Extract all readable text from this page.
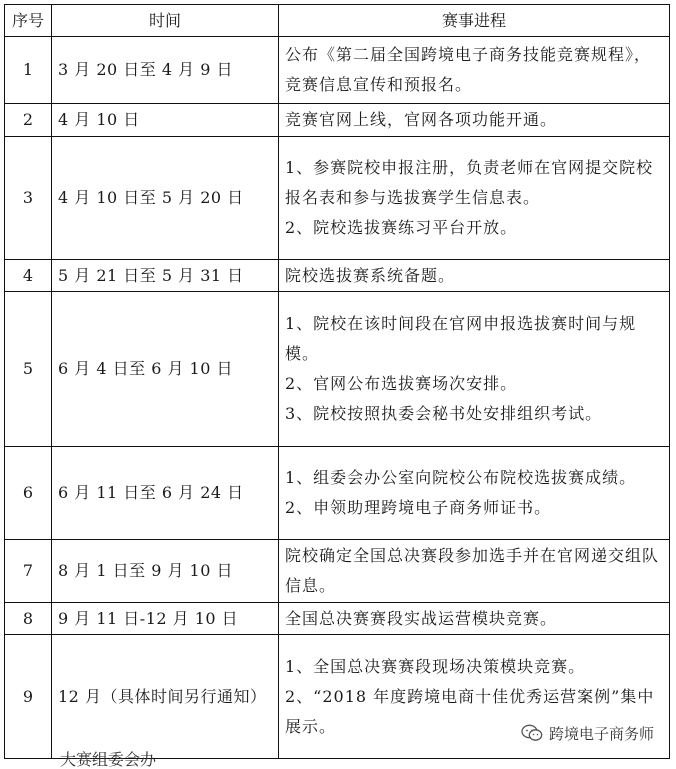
序号	时间	赛事进程
1	3 月 20 日至 4 月 9 日	公布《第二届全国跨境电子商务技能竞赛规程》，竞赛信息宣传和预报名。

2	4 月 10 日	竞赛官网上线，官网各项功能开通。

3	4 月 10 日至 5 月 20 日	1、参赛院校申报注册，负责老师在官网提交院校报名表和参与选拔赛学生信息表。
2、院校选拔赛练习平台开放。

4	5 月 21 日至 5 月 31 日	院校选拔赛系统备题。

5	6 月 4 日至 6 月 10 日	1、院校在该时间段在官网申报选拔赛时间与规模。
2、官网公布选拔赛场次安排。
3、院校按照执委会秘书处安排组织考试。

6	6 月 11 日至 6 月 24 日	1、组委会办公室向院校公布院校选拔赛成绩。
2、申领助理跨境电子商务师证书。

7	8 月 1 日至 9 月 10 日	院校确定全国总决赛段参加选手并在官网递交组队信息。

8	9 月 11 日-12 月 10 日	全国总决赛赛段实战运营模块竞赛。

9	12 月（具体时间另行通知）	1、全国总决赛赛段现场决策模块竞赛。
2、“2018 年度跨境电商十佳优秀运营案例”集中展示。	跨境电子商务师
大赛组委会办
